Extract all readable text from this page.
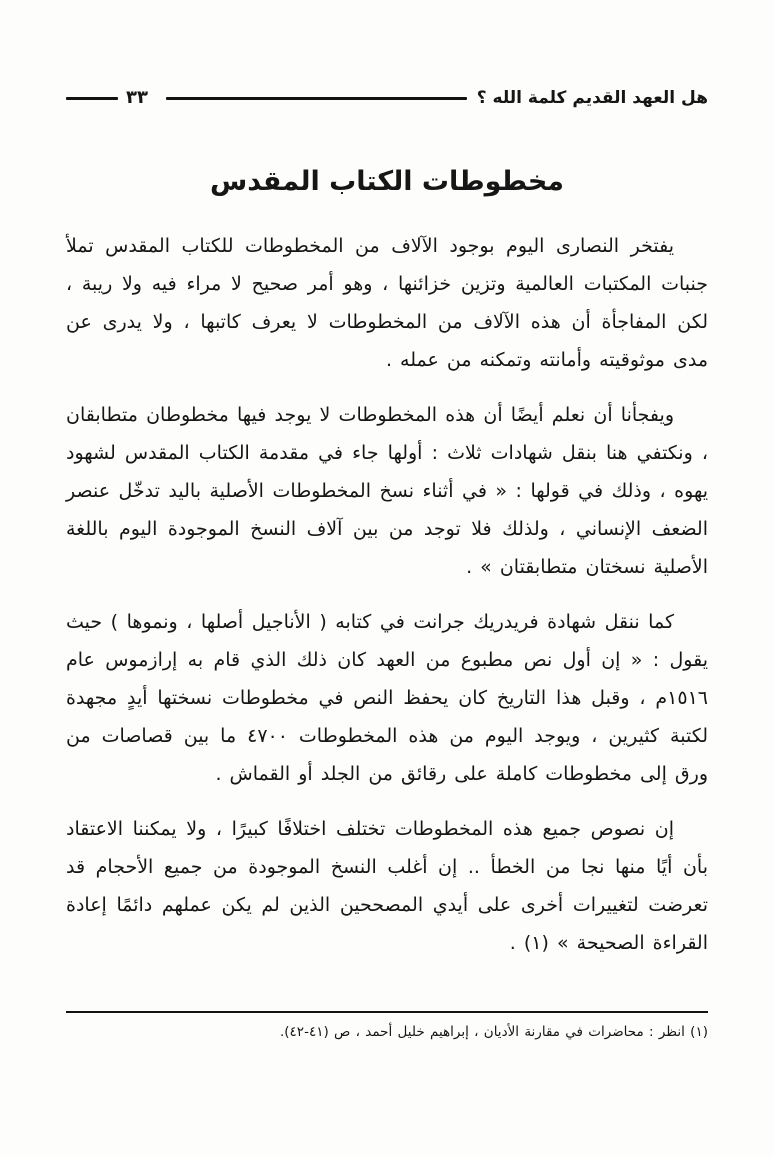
هل العهد القديم كلمة الله ؟
٣٣
مخطوطات الكتاب المقدس

يفتخر النصارى اليوم بوجود الآلاف من المخطوطات للكتاب المقدس تملأ جنبات المكتبات العالمية وتزين خزائنها ، وهو أمر صحيح لا مراء فيه ولا ريبة ، لكن المفاجأة أن هذه الآلاف من المخطوطات لا يعرف كاتبها ، ولا يدرى عن مدى موثوقيته وأمانته وتمكنه من عمله .

ويفجأنا أن نعلم أيضًا أن هذه المخطوطات لا يوجد فيها مخطوطان متطابقان ، ونكتفي هنا بنقل شهادات ثلاث : أولها جاء في مقدمة الكتاب المقدس لشهود يهوه ، وذلك في قولها : « في أثناء نسخ المخطوطات الأصلية باليد تدخّل عنصر الضعف الإنساني ، ولذلك فلا توجد من بين آلاف النسخ الموجودة اليوم باللغة الأصلية نسختان متطابقتان » .

كما ننقل شهادة فريدريك جرانت في كتابه ( الأناجيل أصلها ، ونموها ) حيث يقول : « إن أول نص مطبوع من العهد كان ذلك الذي قام به إرازموس عام ١٥١٦م ، وقبل هذا التاريخ كان يحفظ النص في مخطوطات نسختها أيدٍ مجهدة لكتبة كثيرين ، ويوجد اليوم من هذه المخطوطات ٤٧٠٠ ما بين قصاصات من ورق إلى مخطوطات كاملة على رقائق من الجلد أو القماش .

إن نصوص جميع هذه المخطوطات تختلف اختلافًا كبيرًا ، ولا يمكننا الاعتقاد بأن أيًا منها نجا من الخطأ .. إن أغلب النسخ الموجودة من جميع الأحجام قد تعرضت لتغييرات أخرى على أيدي المصححين الذين لم يكن عملهم دائمًا إعادة القراءة الصحيحة » (١) .

(١) انظر : محاضرات في مقارنة الأديان ، إبراهيم خليل أحمد ، ص (٤١-٤٢).
